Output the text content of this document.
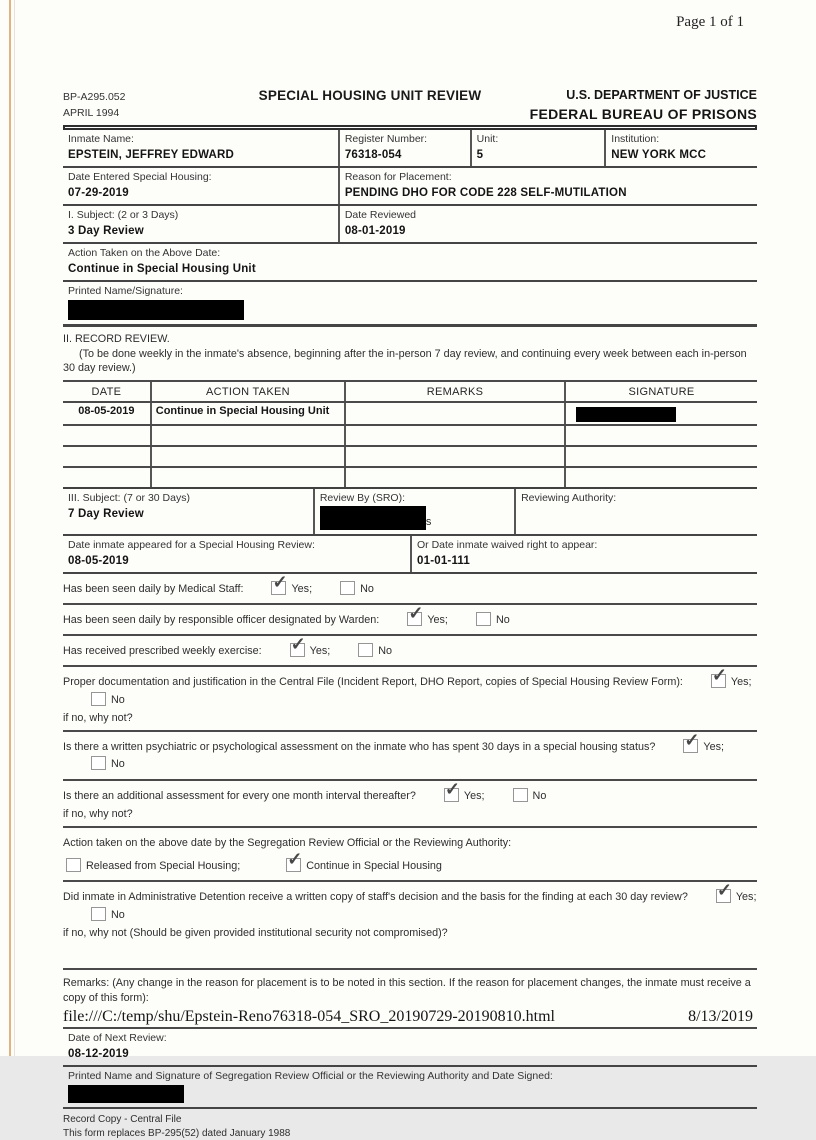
Page 1 of 1
BP-A295.052
APRIL 1994
SPECIAL HOUSING UNIT REVIEW	U.S. DEPARTMENT OF JUSTICE
FEDERAL BUREAU OF PRISONS
Inmate Name:
EPSTEIN, JEFFREY EDWARD
Register Number:
76318-054
Unit:
5
Institution:
NEW YORK MCC
Date Entered Special Housing:
07-29-2019
Reason for Placement:
PENDING DHO FOR CODE 228 SELF-MUTILATION
I. Subject: (2 or 3 Days)
3 Day Review
Date Reviewed
08-01-2019
Action Taken on the Above Date:
Continue in Special Housing Unit
Printed Name/Signature:
II. RECORD REVIEW.
(To be done weekly in the inmate's absence, beginning after the in-person 7 day review, and continuing every week between each in-person 30 day review.)
DATE	ACTION TAKEN	REMARKS	SIGNATURE
08-05-2019	Continue in Special Housing Unit
III. Subject: (7 or 30 Days)
7 Day Review
Review By (SRO):
s
Reviewing Authority:
Date inmate appeared for a Special Housing Review:
08-05-2019
Or Date inmate waived right to appear:
01-01-111
Has been seen daily by Medical Staff: ✓ Yes;	No
Has been seen daily by responsible officer designated by Warden: ✓ Yes;	No
Has received prescribed weekly exercise: ✓ Yes;	No
Proper documentation and justification in the Central File (Incident Report, DHO Report, copies of Special Housing Review Form): ✓ Yes;No
if no, why not?
Is there a written psychiatric or psychological assessment on the inmate who has spent 30 days in a special housing status? ✓ Yes;No
Is there an additional assessment for every one month interval thereafter? ✓ Yes;	No
if no, why not?
Action taken on the above date by the Segregation Review Official or the Reviewing Authority:
Released from Special Housing;	✓ Continue in Special Housing
Did inmate in Administrative Detention receive a written copy of staff's decision and the basis for the finding at each 30 day review? ✓ Yes;No
if no, why not (Should be given provided institutional security not compromised)?
Remarks: (Any change in the reason for placement is to be noted in this section. If the reason for placement changes, the inmate must receive a copy of this form):
Date of Next Review:
08-12-2019
Printed Name and Signature of Segregation Review Official or the Reviewing Authority and Date Signed:
Record Copy - Central File
This form replaces BP-295(52) dated January 1988
file:///C:/temp/shu/Epstein-Reno76318-054_SRO_20190729-20190810.html	8/13/2019
